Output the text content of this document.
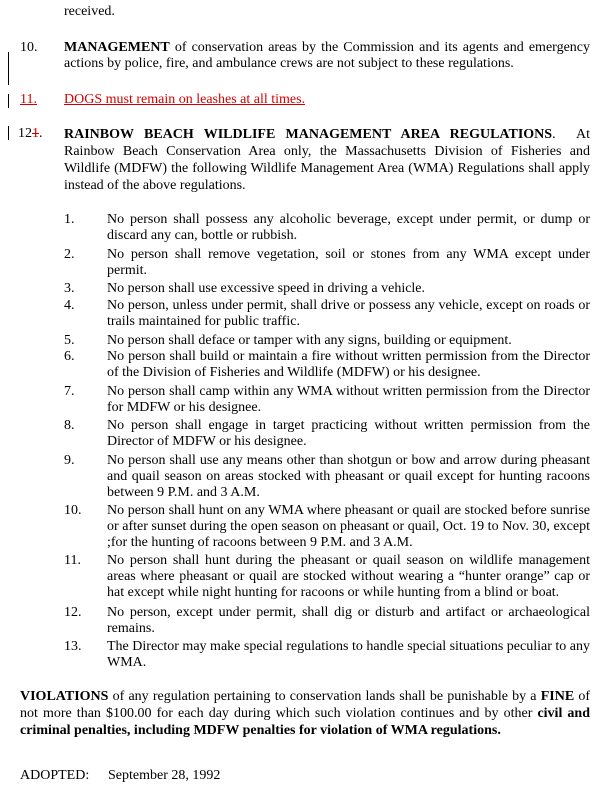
received.
10. MANAGEMENT of conservation areas by the Commission and its agents and emergency actions by police, fire, and ambulance crews are not subject to these regulations.
11. DOGS must remain on leashes at all times.
121. RAINBOW BEACH WILDLIFE MANAGEMENT AREA REGULATIONS.  At Rainbow Beach Conservation Area only, the Massachusetts Division of Fisheries and Wildlife (MDFW) the following Wildlife Management Area (WMA) Regulations shall apply instead of the above regulations.
1. No person shall possess any alcoholic beverage, except under permit, or dump or discard any can, bottle or rubbish.
2. No person shall remove vegetation, soil or stones from any WMA except under permit.
3. No person shall use excessive speed in driving a vehicle.
4. No person, unless under permit, shall drive or possess any vehicle, except on roads or trails maintained for public traffic.
5. No person shall deface or tamper with any signs, building or equipment.
6. No person shall build or maintain a fire without written permission from the Director of the Division of Fisheries and Wildlife (MDFW) or his designee.
7. No person shall camp within any WMA without written permission from the Director for MDFW or his designee.
8. No person shall engage in target practicing without written permission from the Director of MDFW or his designee.
9. No person shall use any means other than shotgun or bow and arrow during pheasant and quail season on areas stocked with pheasant or quail except for hunting racoons between 9 P.M. and 3 A.M.
10. No person shall hunt on any WMA where pheasant or quail are stocked before sunrise or after sunset during the open season on pheasant or quail, Oct. 19 to Nov. 30, except ;for the hunting of racoons between 9 P.M. and 3 A.M.
11. No person shall hunt during the pheasant or quail season on wildlife management areas where pheasant or quail are stocked without wearing a “hunter orange” cap or hat except while night hunting for racoons or while hunting from a blind or boat.
12. No person, except under permit, shall dig or disturb and artifact or archaeological remains.
13. The Director may make special regulations to handle special situations peculiar to any WMA.
VIOLATIONS of any regulation pertaining to conservation lands shall be punishable by a FINE of not more than $100.00 for each day during which such violation continues and by other civil and criminal penalties, including MDFW penalties for violation of WMA regulations.
ADOPTED: September 28, 1992
